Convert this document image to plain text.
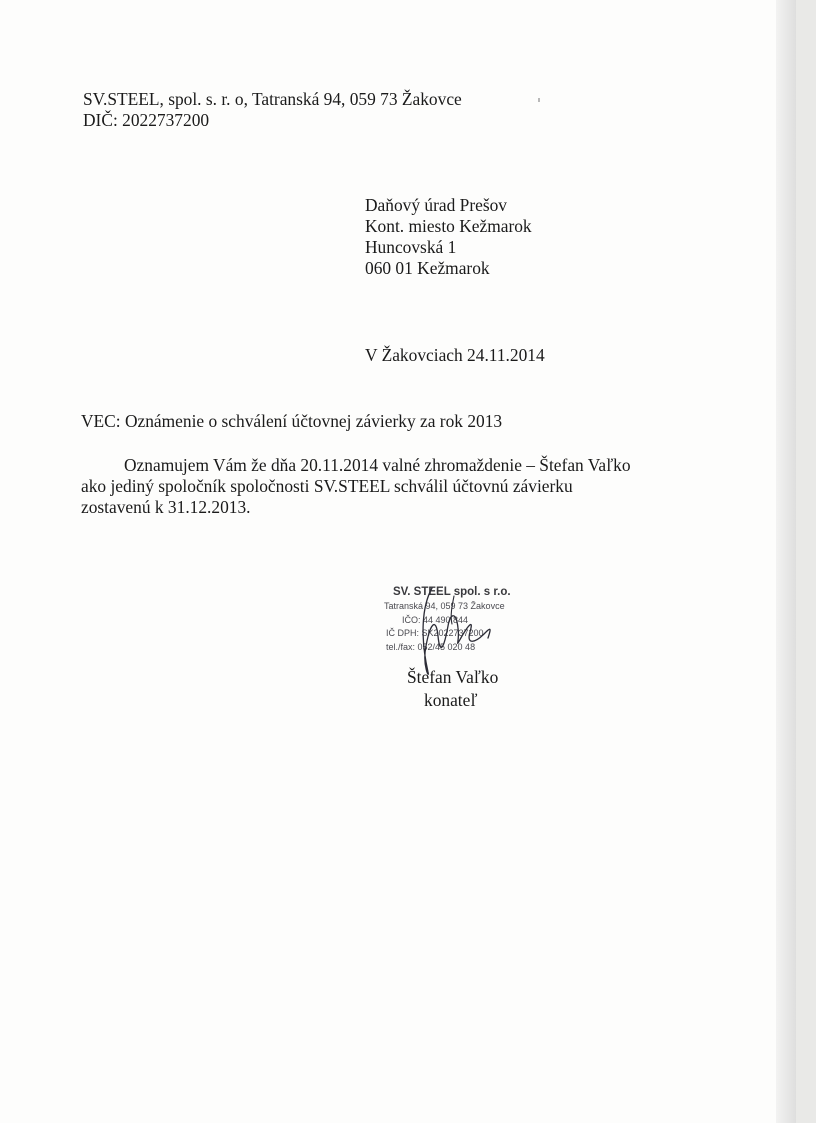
SV.STEEL, spol. s. r. o, Tatranská 94, 059 73 Žakovce
DIČ: 2022737200
Daňový úrad Prešov
Kont. miesto Kežmarok
Huncovská 1
060 01 Kežmarok
V Žakovciach 24.11.2014
VEC: Oznámenie o schválení účtovnej závierky za rok 2013
Oznamujem Vám že dňa 20.11.2014 valné zhromaždenie – Štefan Vaľko
ako jediný spoločník spoločnosti SV.STEEL schválil účtovnú závierku
zostavenú k 31.12.2013.
SV. STEEL spol. s r.o.
Tatranská 94, 059 73 Žakovce
IČO: 44 490 844
IČ DPH: SK2022737200
tel./fax: 052/45 020 48
Štefan Vaľko
konateľ
